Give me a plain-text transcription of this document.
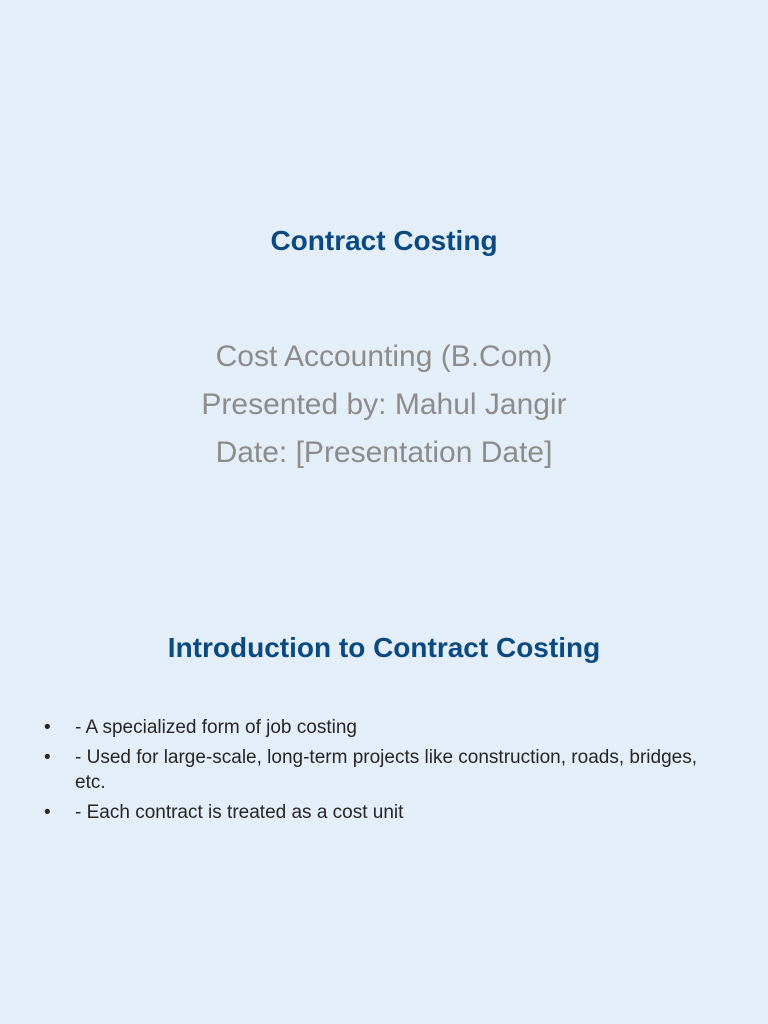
Contract Costing
Cost Accounting (B.Com)
Presented by: Mahul Jangir
Date: [Presentation Date]
Introduction to Contract Costing
• - A specialized form of job costing
• - Used for large-scale, long-term projects like construction, roads, bridges, etc.
• - Each contract is treated as a cost unit
